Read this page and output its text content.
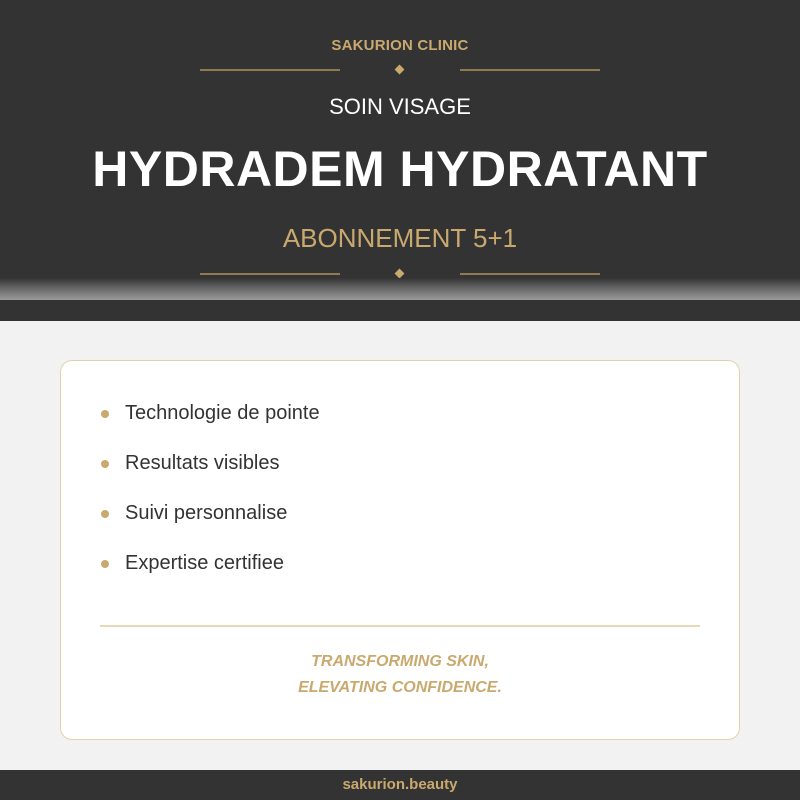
SAKURION CLINIC
SOIN VISAGE
HYDRADEM HYDRATANT
ABONNEMENT 5+1
Technologie de pointe
Resultats visibles
Suivi personnalise
Expertise certifiee
TRANSFORMING SKIN,
ELEVATING CONFIDENCE.
sakurion.beauty
